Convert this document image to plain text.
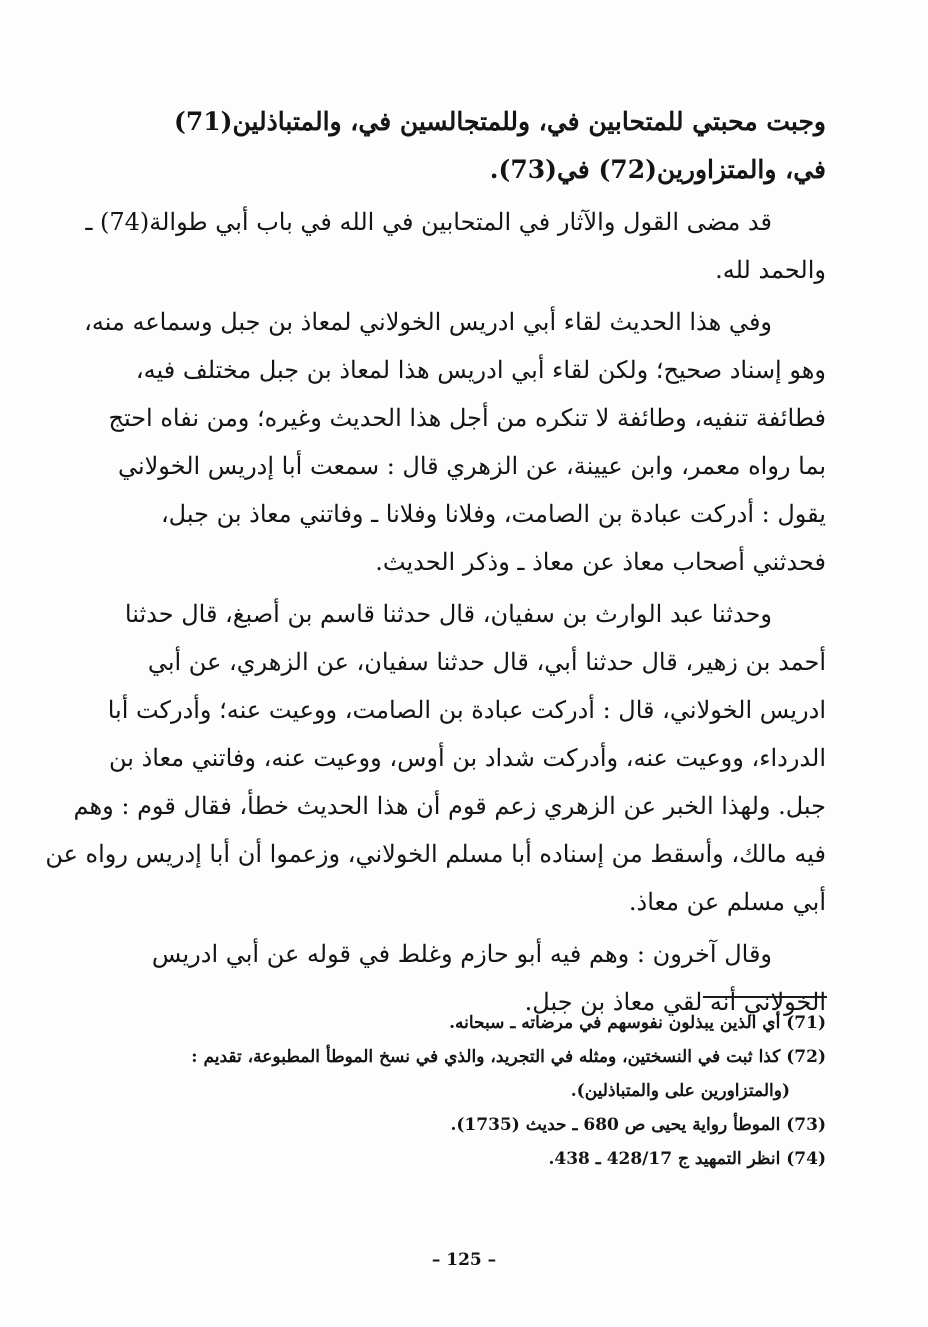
وجبت محبتي للمتحابين في، وللمتجالسين في، والمتباذلين(71)
في، والمتزاورين(72) في(73).
قد مضى القول والآثار في المتحابين في الله في باب أبي طوالة(74) ـ
والحمد لله.
وفي هذا الحديث لقاء أبي ادريس الخولاني لمعاذ بن جبل وسماعه منه،
وهو إسناد صحيح؛ ولكن لقاء أبي ادريس هذا لمعاذ بن جبل مختلف فيه،
فطائفة تنفيه، وطائفة لا تنكره من أجل هذا الحديث وغيره؛ ومن نفاه احتج
بما رواه معمر، وابن عيينة، عن الزهري قال : سمعت أبا إدريس الخولاني
يقول : أدركت عبادة بن الصامت، وفلانا وفلانا ـ وفاتني معاذ بن جبل،
فحدثني أصحاب معاذ عن معاذ ـ وذكر الحديث.
وحدثنا عبد الوارث بن سفيان، قال حدثنا قاسم بن أصبغ، قال حدثنا
أحمد بن زهير، قال حدثنا أبي، قال حدثنا سفيان، عن الزهري، عن أبي
ادريس الخولاني، قال : أدركت عبادة بن الصامت، ووعيت عنه؛ وأدركت أبا
الدرداء، ووعيت عنه، وأدركت شداد بن أوس، ووعيت عنه، وفاتني معاذ بن
جبل. ولهذا الخبر عن الزهري زعم قوم أن هذا الحديث خطأ، فقال قوم : وهم
فيه مالك، وأسقط من إسناده أبا مسلم الخولاني، وزعموا أن أبا إدريس رواه عن
أبي مسلم عن معاذ.
وقال آخرون : وهم فيه أبو حازم وغلط في قوله عن أبي ادريس
الخولاني أنه لقي معاذ بن جبل.
(71) أي الذين يبذلون نفوسهم في مرضاته ـ سبحانه.
(72) كذا ثبت في النسختين، ومثله في التجريد، والذي في نسخ الموطأ المطبوعة، تقديم :
(والمتزاورين على والمتباذلين).
(73) الموطأ رواية يحيى ص 680 ـ حديث (1735).
(74) انظر التمهيد ج 428/17 ـ 438.
– 125 –
